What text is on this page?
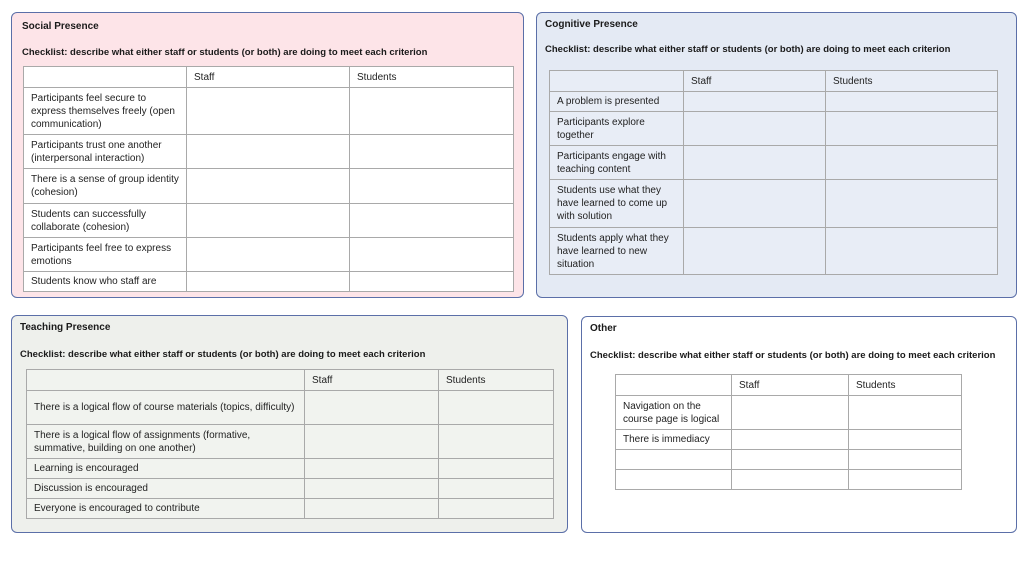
Social Presence
Checklist: describe what either staff or students (or both) are doing to meet each criterion
	Staff	Students
Participants feel secure to express themselves freely (open communication)		
Participants trust one another (interpersonal interaction)		
There is a sense of group identity (cohesion)		
Students can successfully collaborate (cohesion)		
Participants feel free to express emotions		
Students know who staff are		
Cognitive Presence
Checklist: describe what either staff or students (or both) are doing to meet each criterion
	Staff	Students
A problem is presented		
Participants explore together		
Participants engage with teaching content		
Students use what they have learned to come up with solution		
Students apply what they have learned to new situation		
Teaching Presence
Checklist: describe what either staff or students (or both) are doing to meet each criterion
	Staff	Students
There is a logical flow of course materials (topics, difficulty)		
There is a logical flow of assignments (formative, summative, building on one another)		
Learning is encouraged		
Discussion is encouraged		
Everyone is encouraged to contribute		
Other
Checklist: describe what either staff or students (or both) are doing to meet each criterion
	Staff	Students
Navigation on the course page is logical		
There is immediacy		
